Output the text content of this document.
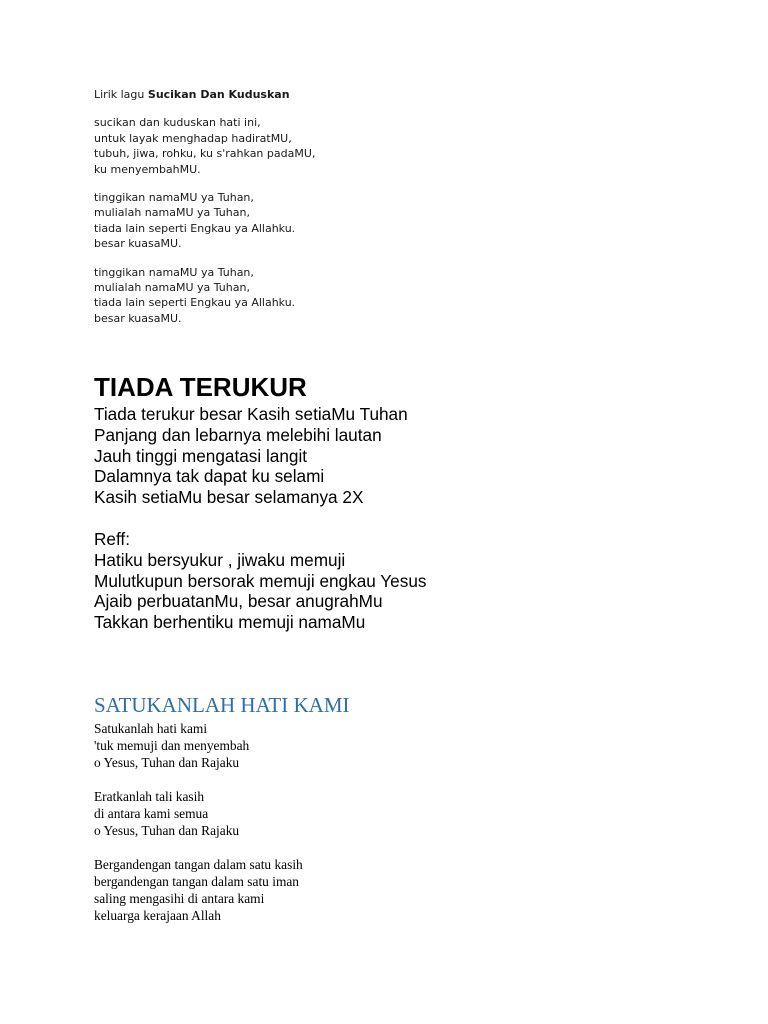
Lirik lagu Sucikan Dan Kuduskan

sucikan dan kuduskan hati ini,
untuk layak menghadap hadiratMU,
tubuh, jiwa, rohku, ku s'rahkan padaMU,
ku menyembahMU.
tinggikan namaMU ya Tuhan,
mulialah namaMU ya Tuhan,
tiada lain seperti Engkau ya Allahku.
besar kuasaMU.
tinggikan namaMU ya Tuhan,
mulialah namaMU ya Tuhan,
tiada lain seperti Engkau ya Allahku.
besar kuasaMU.
TIADA TERUKUR
Tiada terukur besar Kasih setiaMu Tuhan
Panjang dan lebarnya melebihi lautan
Jauh tinggi mengatasi langit
Dalamnya tak dapat ku selami
Kasih setiaMu besar selamanya 2X
Reff:
Hatiku bersyukur , jiwaku memuji
Mulutkupun bersorak memuji engkau Yesus
Ajaib perbuatanMu, besar anugrahMu
Takkan berhentiku memuji namaMu
SATUKANLAH HATI KAMI
Satukanlah hati kami
'tuk memuji dan menyembah
o Yesus, Tuhan dan Rajaku
Eratkanlah tali kasih
di antara kami semua
o Yesus, Tuhan dan Rajaku
Bergandengan tangan dalam satu kasih
bergandengan tangan dalam satu iman
saling mengasihi di antara kami
keluarga kerajaan Allah
